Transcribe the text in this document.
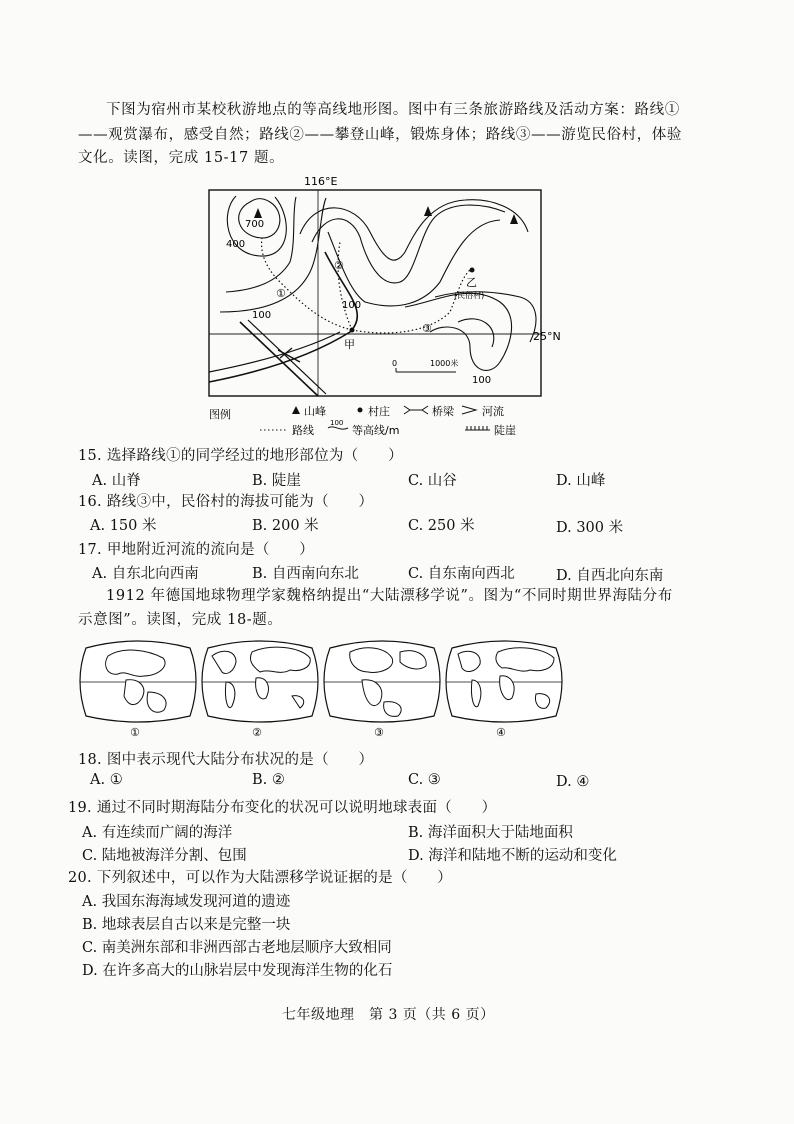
下图为宿州市某校秋游地点的等高线地形图。图中有三条旅游路线及活动方案：路线①
——观赏瀑布，感受自然；路线②——攀登山峰，锻炼身体；路线③——游览民俗村，体验
文化。读图，完成 15-17 题。
116°E
25°N
700
400
100
100
100
①
②
③
甲
乙
(民俗村)
0	1000米
图例	山峰	村庄	桥梁	河流
路线
100
等高线/m	陡崖
15. 选择路线①的同学经过的地形部位为（　　）
A. 山脊	B. 陡崖	C. 山谷	D. 山峰
16. 路线③中，民俗村的海拔可能为（　　）
A. 150 米	B. 200 米	C. 250 米	D. 300 米
17. 甲地附近河流的流向是（　　）
A. 自东北向西南	B. 自西南向东北	C. 自东南向西北	D. 自西北向东南
1912 年德国地球物理学家魏格纳提出“大陆漂移学说”。图为“不同时期世界海陆分布
示意图”。读图，完成 18-题。
①	②	③	④
18. 图中表示现代大陆分布状况的是（　　）
A. ①	B. ②	C. ③	D. ④
19. 通过不同时期海陆分布变化的状况可以说明地球表面（　　）
A. 有连续而广阔的海洋	B. 海洋面积大于陆地面积
C. 陆地被海洋分割、包围	D. 海洋和陆地不断的运动和变化
20. 下列叙述中，可以作为大陆漂移学说证据的是（　　）
A. 我国东海海域发现河道的遗迹
B. 地球表层自古以来是完整一块
C. 南美洲东部和非洲西部古老地层顺序大致相同
D. 在许多高大的山脉岩层中发现海洋生物的化石
七年级地理　第 3 页（共 6 页）
